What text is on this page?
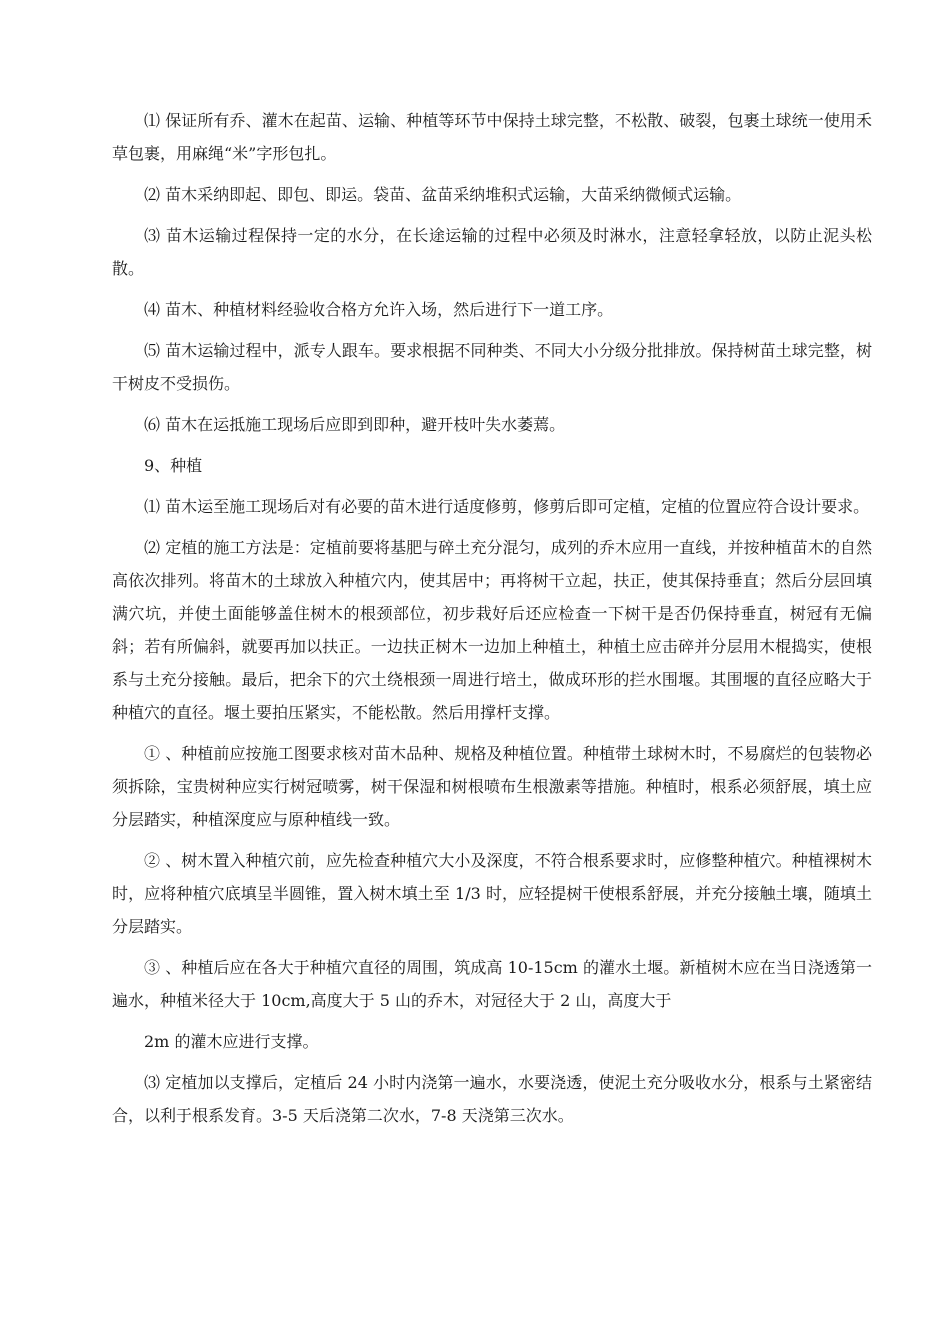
⑴ 保证所有乔、灌木在起苗、运输、种植等环节中保持土球完整，不松散、破裂，包裹土球统一使用禾草包裹，用麻绳“米”字形包扎。

⑵ 苗木采纳即起、即包、即运。袋苗、盆苗采纳堆积式运输，大苗采纳微倾式运输。

⑶ 苗木运输过程保持一定的水分，在长途运输的过程中必须及时淋水，注意轻拿轻放，以防止泥头松散。

⑷ 苗木、种植材料经验收合格方允许入场，然后进行下一道工序。

⑸ 苗木运输过程中，派专人跟车。要求根据不同种类、不同大小分级分批排放。保持树苗土球完整，树干树皮不受损伤。

⑹ 苗木在运抵施工现场后应即到即种，避开枝叶失水萎蔫。

9、种植

⑴ 苗木运至施工现场后对有必要的苗木进行适度修剪，修剪后即可定植，定植的位置应符合设计要求。

⑵ 定植的施工方法是：定植前要将基肥与碎土充分混匀，成列的乔木应用一直线，并按种植苗木的自然高依次排列。将苗木的土球放入种植穴内，使其居中；再将树干立起，扶正，使其保持垂直；然后分层回填满穴坑，并使土面能够盖住树木的根颈部位，初步栽好后还应检查一下树干是否仍保持垂直，树冠有无偏斜；若有所偏斜，就要再加以扶正。一边扶正树木一边加上种植土，种植土应击碎并分层用木棍捣实，使根系与土充分接触。最后，把余下的穴土绕根颈一周进行培土，做成环形的拦水围堰。其围堰的直径应略大于种植穴的直径。堰土要拍压紧实，不能松散。然后用撑杆支撑。

① 、种植前应按施工图要求核对苗木品种、规格及种植位置。种植带土球树木时，不易腐烂的包装物必须拆除，宝贵树种应实行树冠喷雾，树干保湿和树根喷布生根激素等措施。种植时，根系必须舒展，填土应分层踏实，种植深度应与原种植线一致。

② 、树木置入种植穴前，应先检查种植穴大小及深度，不符合根系要求时，应修整种植穴。种植裸树木时，应将种植穴底填呈半圆锥，置入树木填土至 1/3 时，应轻提树干使根系舒展，并充分接触土壤，随填土分层踏实。

③ 、种植后应在各大于种植穴直径的周围，筑成高 10-15cm 的灌水土堰。新植树木应在当日浇透第一遍水，种植米径大于 10cm,高度大于 5 山的乔木，对冠径大于 2 山，高度大于

2m 的灌木应进行支撑。

⑶ 定植加以支撑后，定植后 24 小时内浇第一遍水，水要浇透，使泥土充分吸收水分，根系与土紧密结合，以利于根系发育。3-5 天后浇第二次水，7-8 天浇第三次水。
